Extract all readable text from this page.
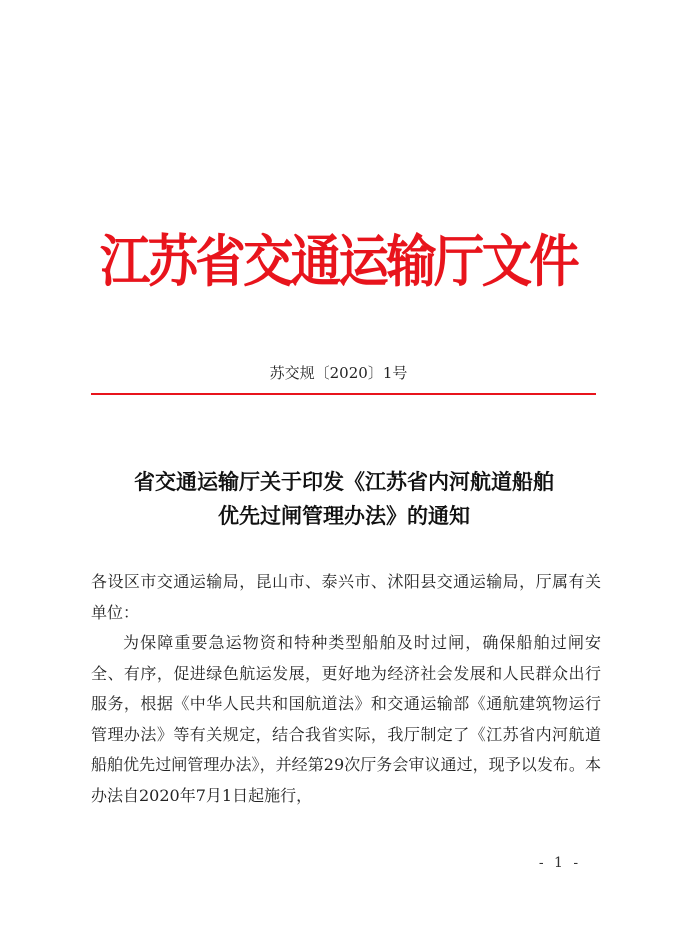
江苏省交通运输厅文件
苏交规〔2020〕1号
省交通运输厅关于印发《江苏省内河航道船舶
优先过闸管理办法》的通知

各设区市交通运输局，昆山市、泰兴市、沭阳县交通运输局，厅属有关单位：

为保障重要急运物资和特种类型船舶及时过闸，确保船舶过闸安全、有序，促进绿色航运发展，更好地为经济社会发展和人民群众出行服务，根据《中华人民共和国航道法》和交通运输部《通航建筑物运行管理办法》等有关规定，结合我省实际，我厅制定了《江苏省内河航道船舶优先过闸管理办法》，并经第29次厅务会审议通过，现予以发布。本办法自2020年7月1日起施行，

- 1 -
